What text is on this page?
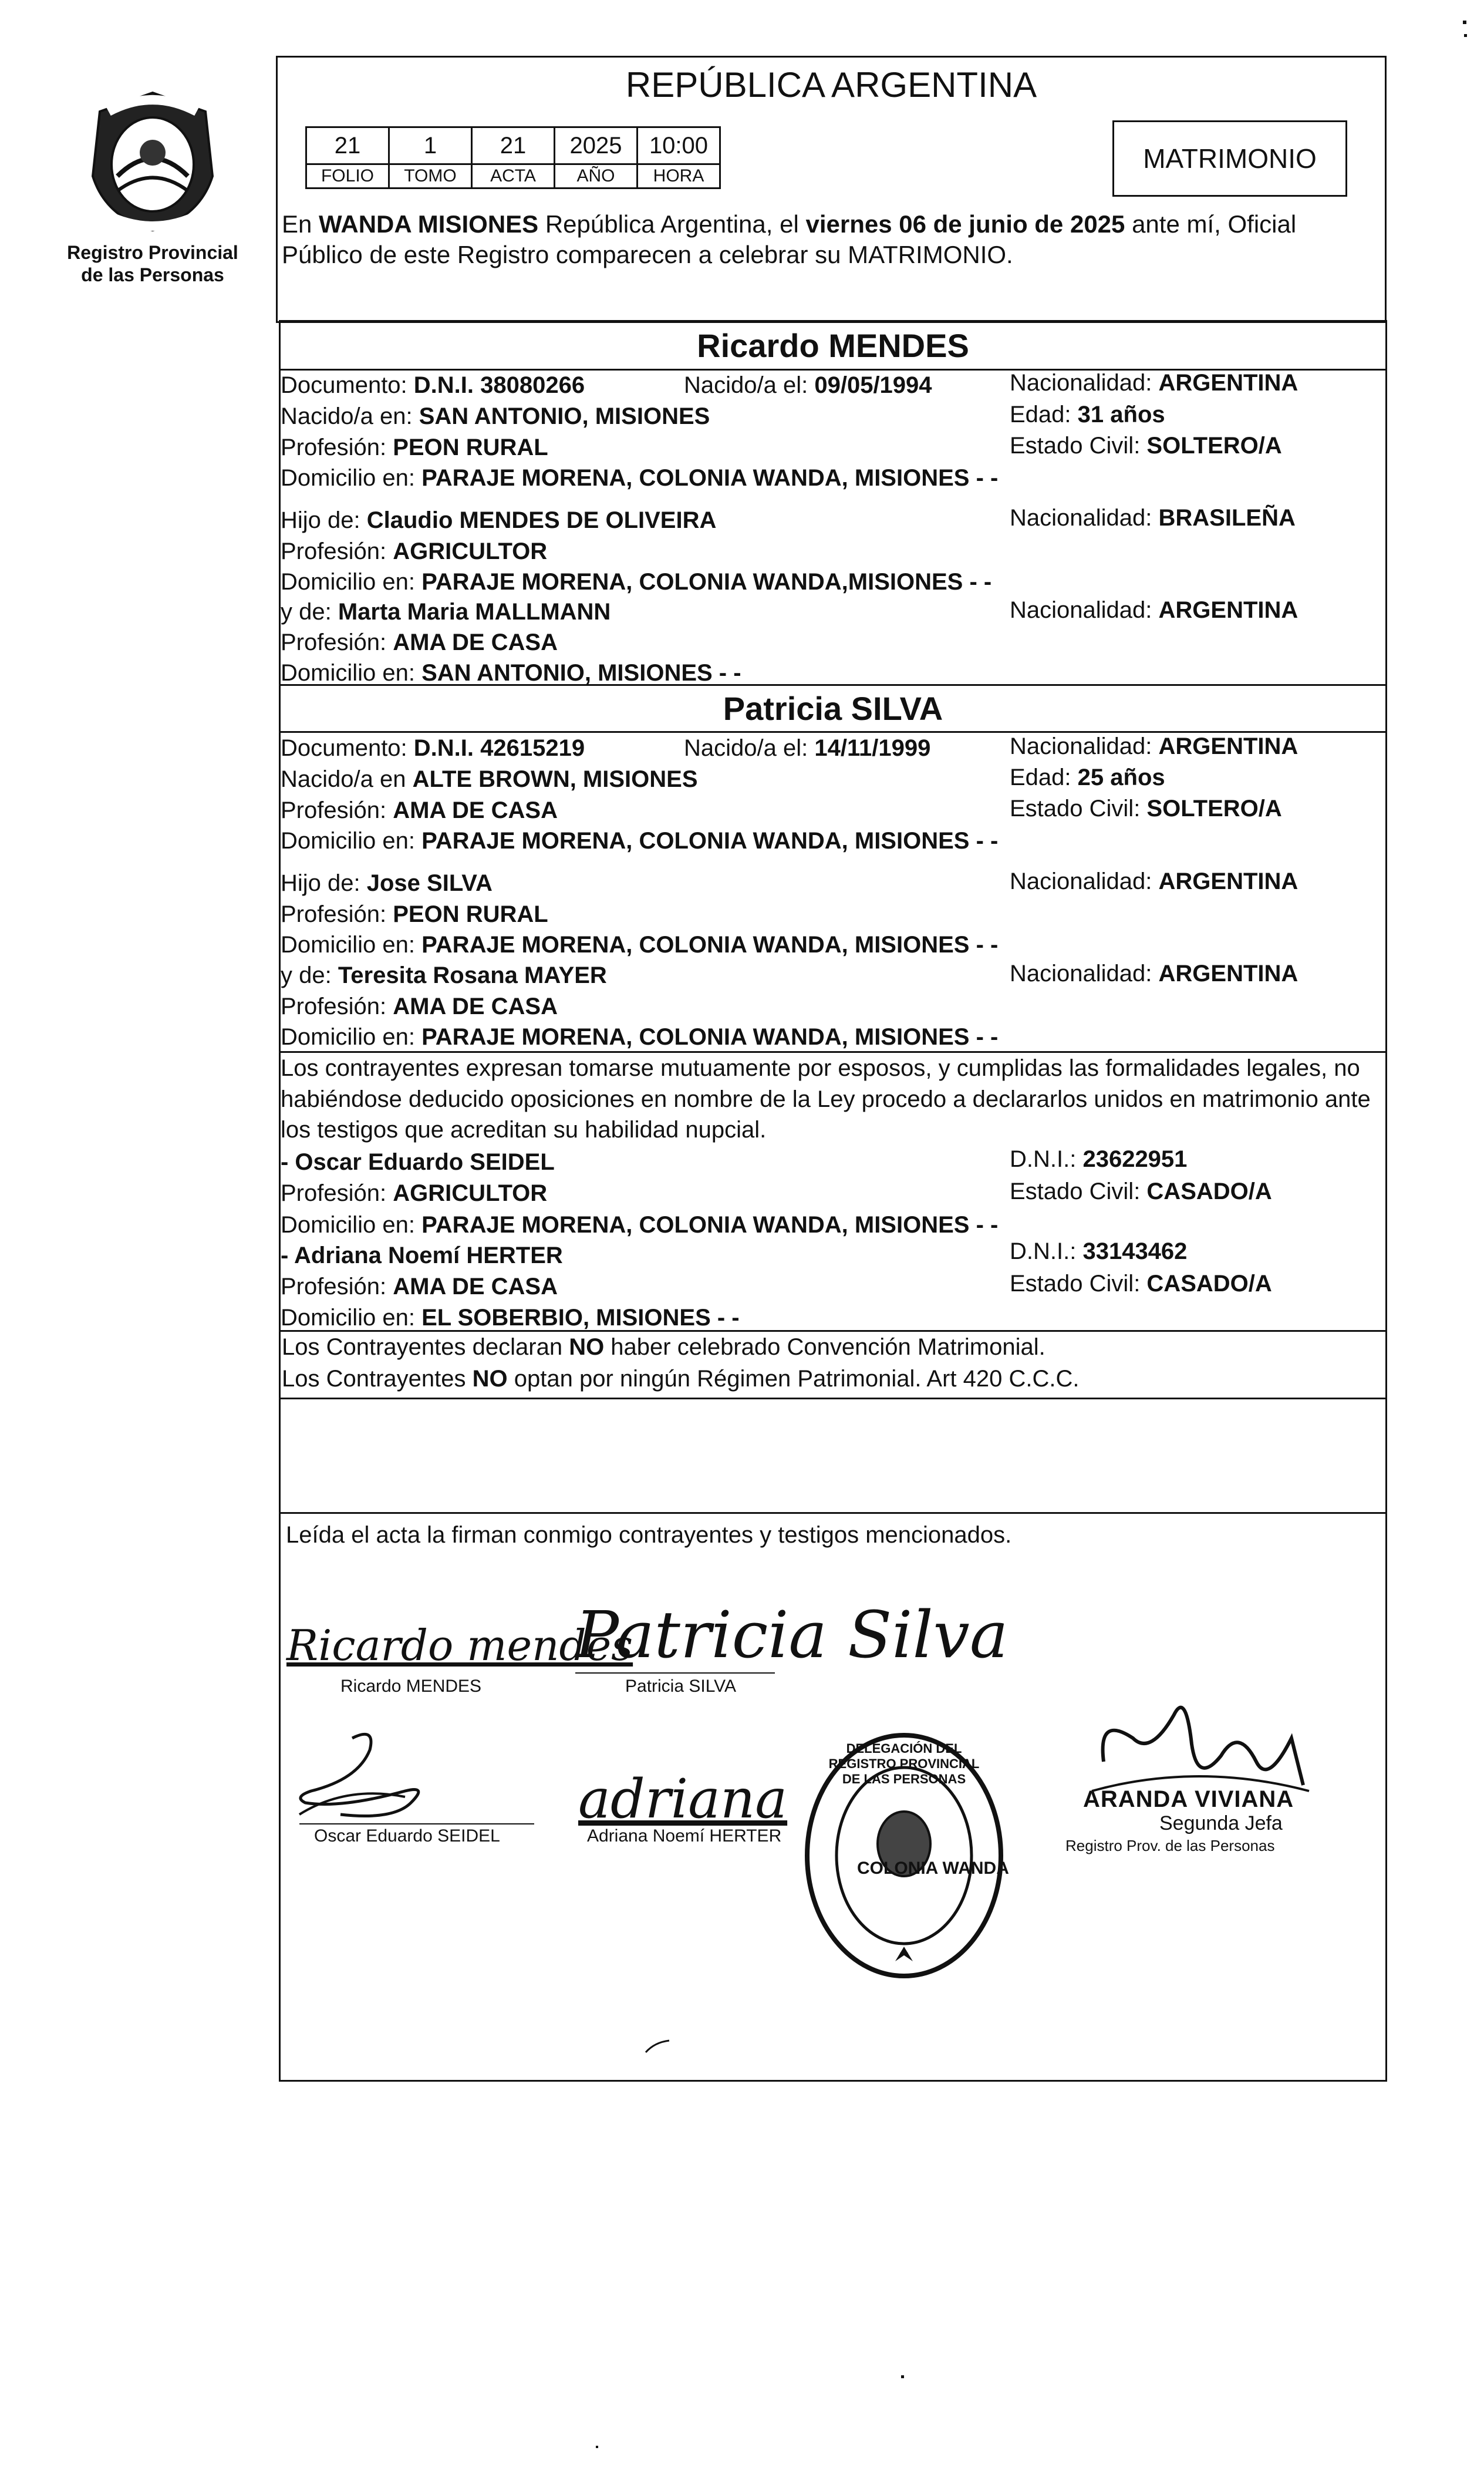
Registro Provincial
de las Personas
REPÚBLICA ARGENTINA
21	1	21	2025	10:00
FOLIO	TOMO	ACTA	AÑO	HORA
MATRIMONIO
En WANDA MISIONES República Argentina, el viernes 06 de junio de 2025 ante mí, Oficial
Público de este Registro comparecen a celebrar su MATRIMONIO.
Ricardo MENDES
Documento: D.N.I. 38080266	Nacido/a el: 09/05/1994	Nacionalidad: ARGENTINA
Nacido/a en: SAN ANTONIO, MISIONES	Edad: 31 años
Profesión: PEON RURAL	Estado Civil: SOLTERO/A
Domicilio en: PARAJE MORENA, COLONIA WANDA, MISIONES - -
Hijo de: Claudio MENDES DE OLIVEIRA	Nacionalidad: BRASILEÑA
Profesión: AGRICULTOR
Domicilio en: PARAJE MORENA, COLONIA WANDA,MISIONES - -
y de: Marta Maria MALLMANN	Nacionalidad: ARGENTINA
Profesión: AMA DE CASA
Domicilio en: SAN ANTONIO, MISIONES - -
Patricia SILVA
Documento: D.N.I. 42615219	Nacido/a el: 14/11/1999	Nacionalidad: ARGENTINA
Nacido/a en ALTE BROWN, MISIONES	Edad: 25 años
Profesión: AMA DE CASA	Estado Civil: SOLTERO/A
Domicilio en: PARAJE MORENA, COLONIA WANDA, MISIONES - -
Hijo de: Jose SILVA	Nacionalidad: ARGENTINA
Profesión: PEON RURAL
Domicilio en: PARAJE MORENA, COLONIA WANDA, MISIONES - -
y de: Teresita Rosana MAYER	Nacionalidad: ARGENTINA
Profesión: AMA DE CASA
Domicilio en: PARAJE MORENA, COLONIA WANDA, MISIONES - -
Los contrayentes expresan tomarse mutuamente por esposos, y cumplidas las formalidades legales, no
habiéndose deducido oposiciones en nombre de la Ley procedo a declararlos unidos en matrimonio ante
los testigos que acreditan su habilidad nupcial.
- Oscar Eduardo SEIDEL	D.N.I.: 23622951
Profesión: AGRICULTOR	Estado Civil: CASADO/A
Domicilio en: PARAJE MORENA, COLONIA WANDA, MISIONES - -
- Adriana Noemí HERTER	D.N.I.: 33143462
Profesión: AMA DE CASA	Estado Civil: CASADO/A
Domicilio en: EL SOBERBIO, MISIONES - -
Los Contrayentes declaran NO haber celebrado Convención Matrimonial.
Los Contrayentes NO optan por ningún Régimen Patrimonial. Art 420 C.C.C.
Leída el acta la firman conmigo contrayentes y testigos mencionados.
Ricardo mendes
Ricardo MENDES
Patricia Silva
Patricia SILVA
Oscar Eduardo SEIDEL
adriana
Adriana Noemí HERTER
COLONIA WANDA
DELEGACIÓN DEL REGISTRO PROVINCIAL DE LAS PERSONAS
ARANDA VIVIANA
Segunda Jefa
Registro Prov. de las Personas
